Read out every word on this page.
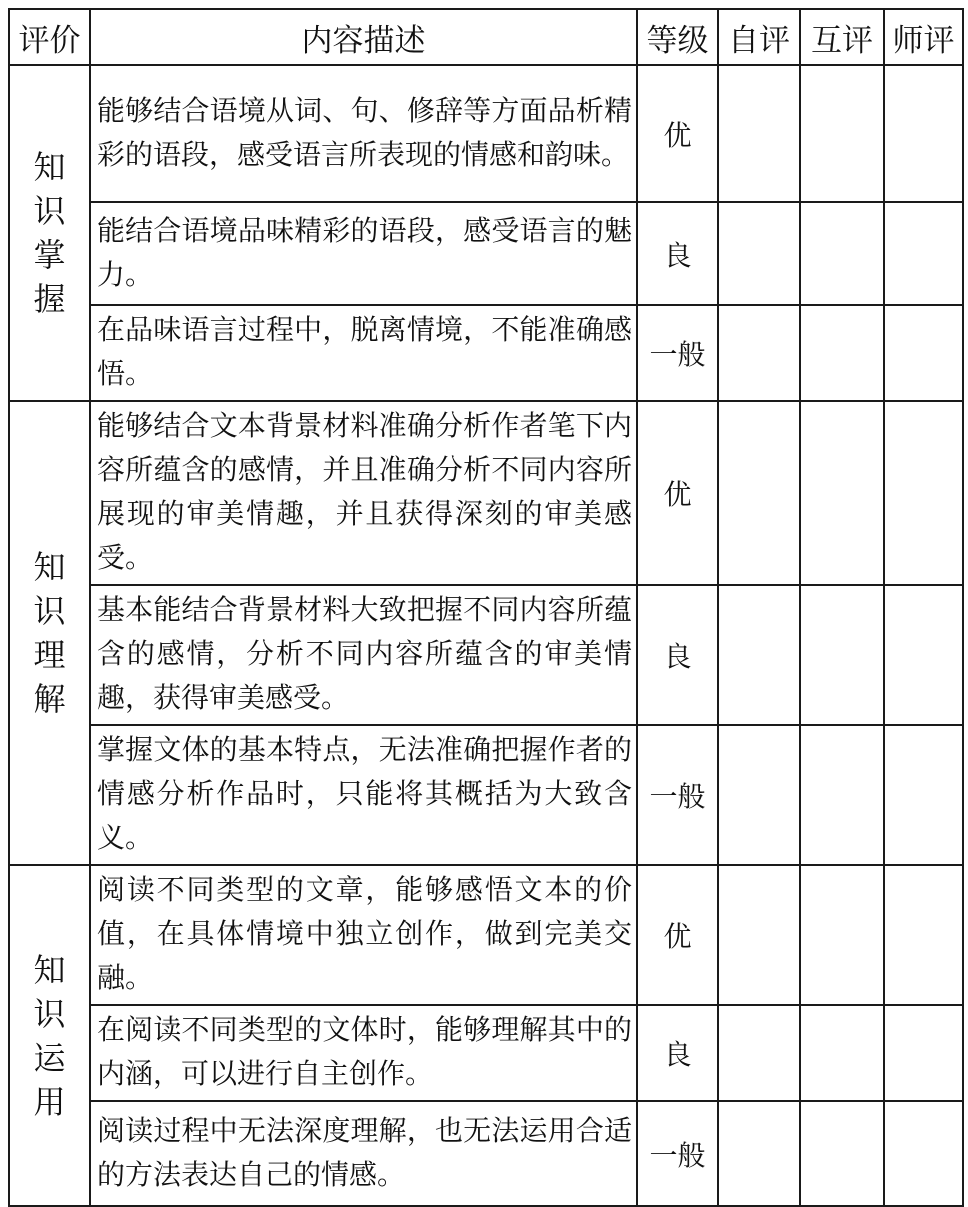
评价	内容描述	等级	自评	互评	师评
知识掌握	能够结合语境从词、句、修辞等方面品析精彩的语段，感受语言所表现的情感和韵味。	优			
	能结合语境品味精彩的语段，感受语言的魅力。	良			
	在品味语言过程中，脱离情境，不能准确感悟。	一般			
知识理解	能够结合文本背景材料准确分析作者笔下内容所蕴含的感情，并且准确分析不同内容所展现的审美情趣，并且获得深刻的审美感受。	优			
	基本能结合背景材料大致把握不同内容所蕴含的感情，分析不同内容所蕴含的审美情趣，获得审美感受。	良			
	掌握文体的基本特点，无法准确把握作者的情感分析作品时，只能将其概括为大致含义。	一般			
知识运用	阅读不同类型的文章，能够感悟文本的价值，在具体情境中独立创作，做到完美交融。	优			
	在阅读不同类型的文体时，能够理解其中的内涵，可以进行自主创作。	良			
	阅读过程中无法深度理解，也无法运用合适的方法表达自己的情感。	一般			
